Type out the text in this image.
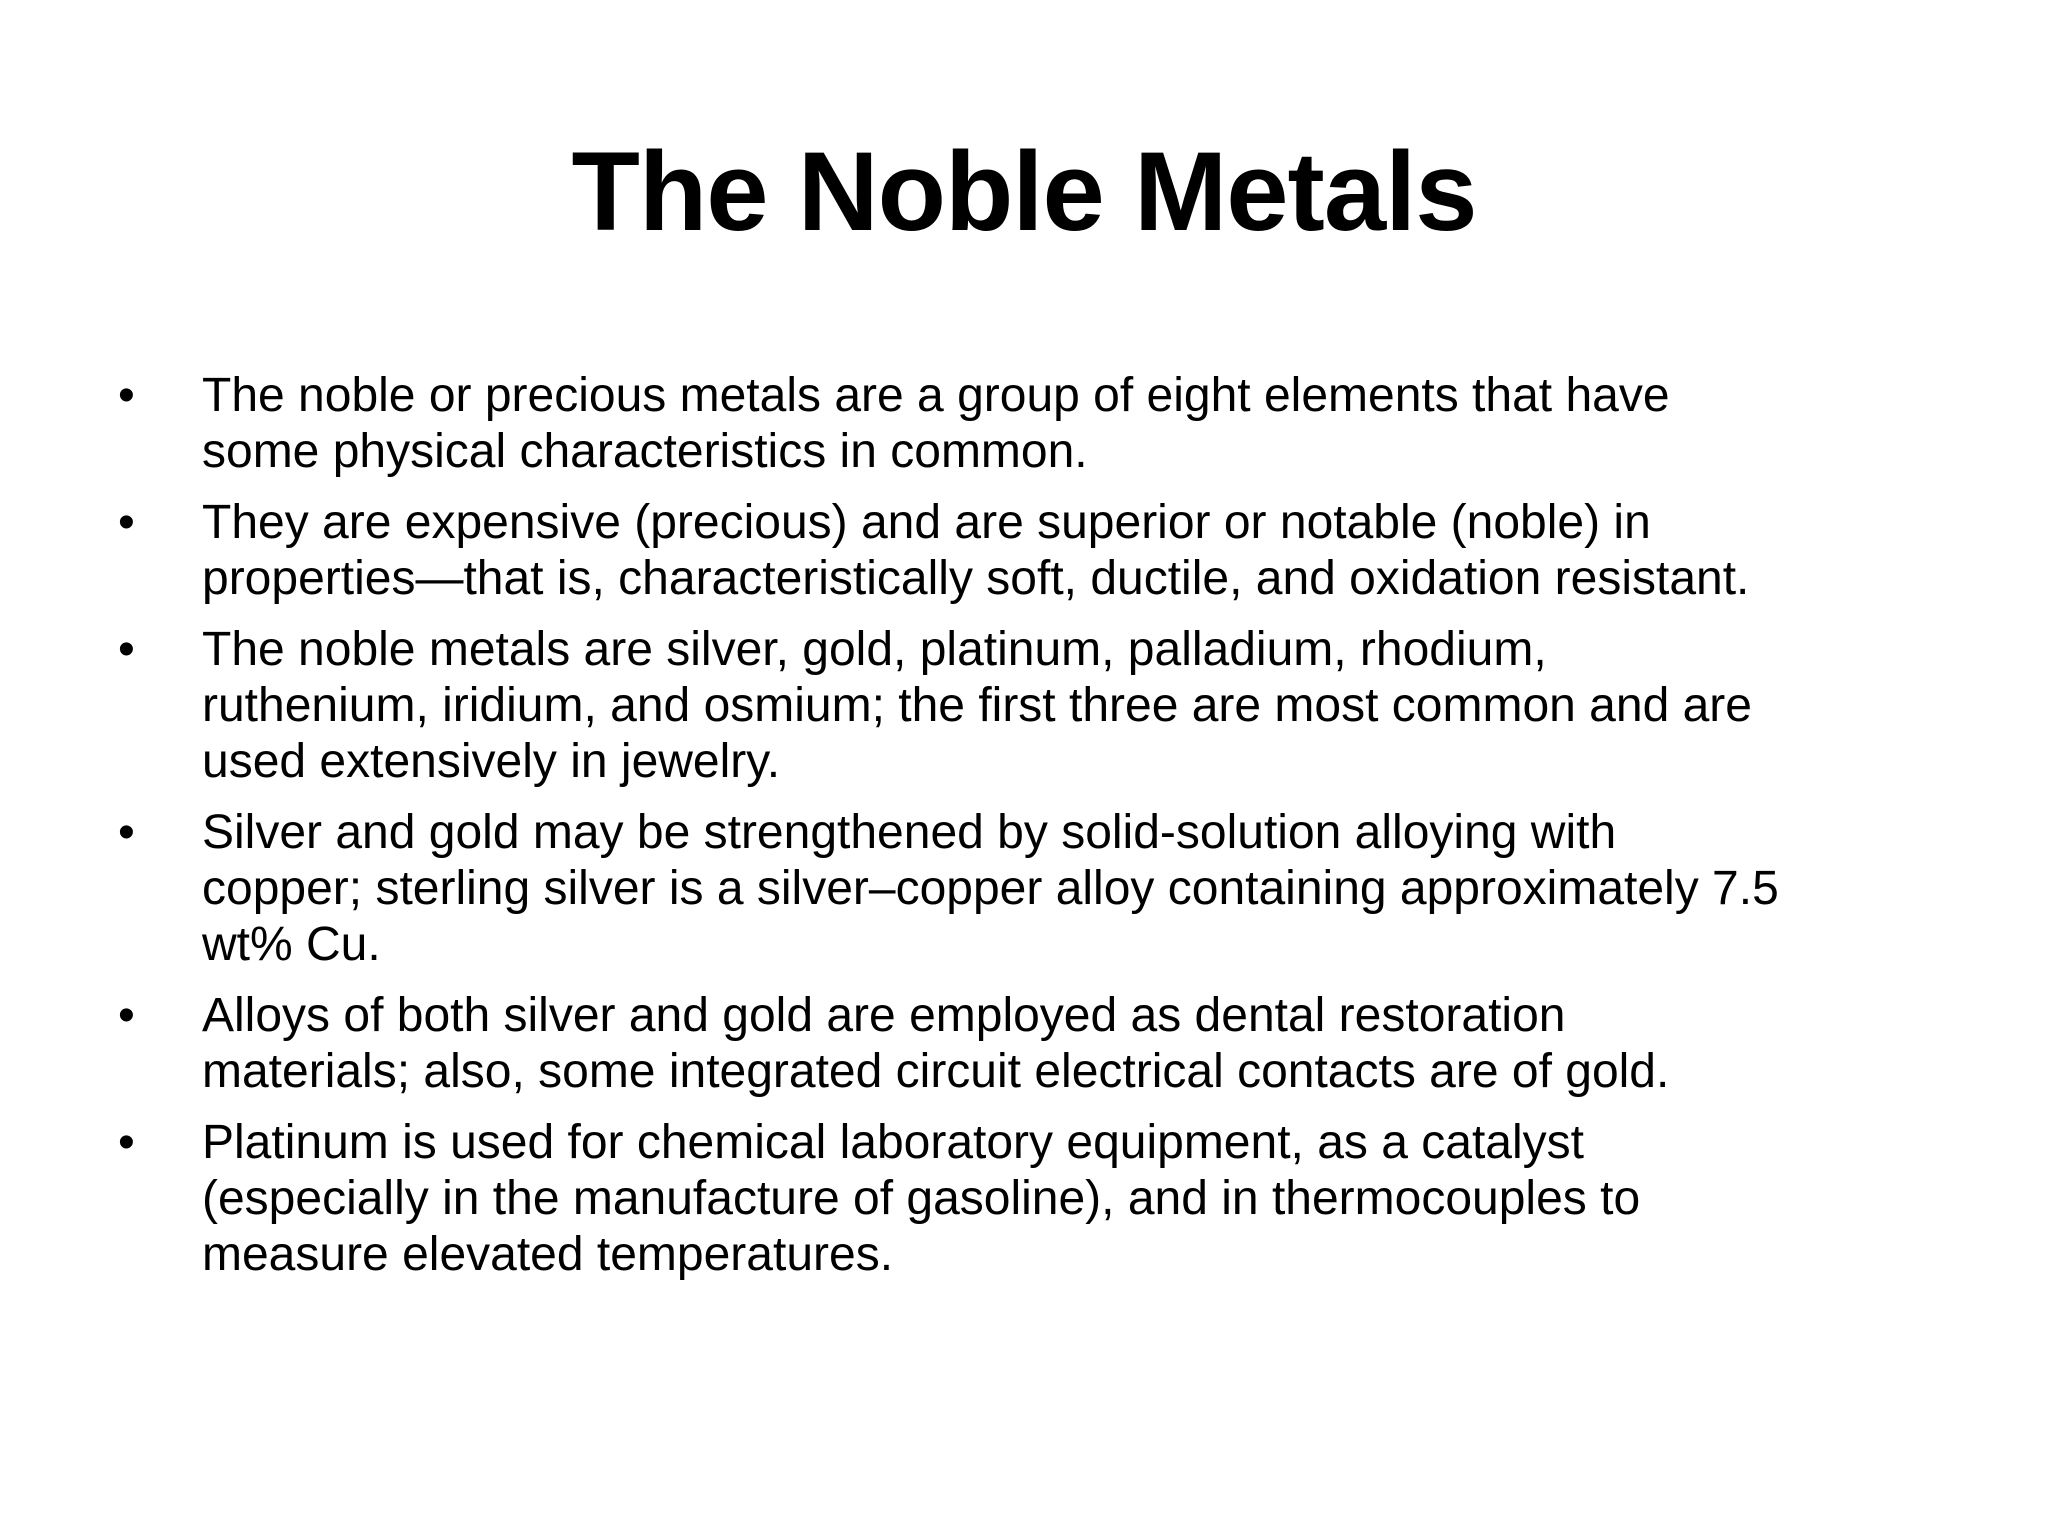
The Noble Metals
•	The noble or precious metals are a group of eight elements that have
some physical characteristics in common.
•	They are expensive (precious) and are superior or notable (noble) in
properties—that is, characteristically soft, ductile, and oxidation resistant.
•	The noble metals are silver, gold, platinum, palladium, rhodium,
ruthenium, iridium, and osmium; the first three are most common and are
used extensively in jewelry.
•	Silver and gold may be strengthened by solid-solution alloying with
copper; sterling silver is a silver–copper alloy containing approximately 7.5
wt% Cu.
•	Alloys of both silver and gold are employed as dental restoration
materials; also, some integrated circuit electrical contacts are of gold.
•	Platinum is used for chemical laboratory equipment, as a catalyst
(especially in the manufacture of gasoline), and in thermocouples to
measure elevated temperatures.
